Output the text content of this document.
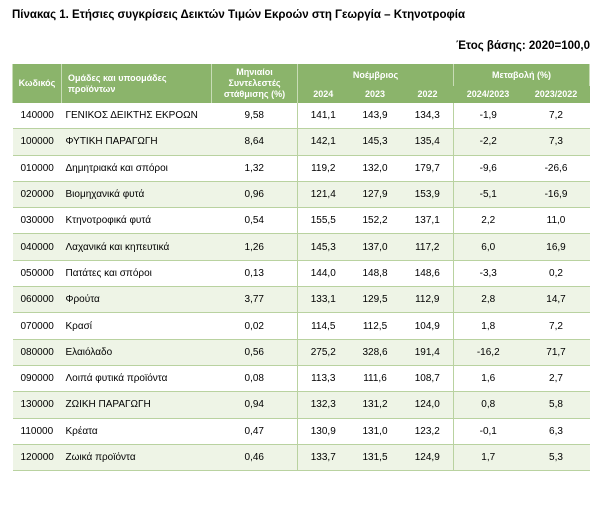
Πίνακας 1. Ετήσιες συγκρίσεις Δεικτών Τιμών Εκροών στη Γεωργία – Κτηνοτροφία
Έτος βάσης: 2020=100,0
Κωδικός	Ομάδες και υποομάδες προϊόντων	Μηνιαίοι Συντελεστές στάθμισης (%)	Νοέμβριος			Μεταβολή (%)	
			2024	2023	2022	2024/2023	2023/2022
140000	ΓΕΝΙΚΟΣ ΔΕΙΚΤΗΣ ΕΚΡΟΩΝ	9,58	141,1	143,9	134,3	-1,9	7,2
100000	ΦΥΤΙΚΗ ΠΑΡΑΓΩΓΗ	8,64	142,1	145,3	135,4	-2,2	7,3
010000	Δημητριακά και σπόροι	1,32	119,2	132,0	179,7	-9,6	-26,6
020000	Βιομηχανικά φυτά	0,96	121,4	127,9	153,9	-5,1	-16,9
030000	Κτηνοτροφικά φυτά	0,54	155,5	152,2	137,1	2,2	11,0
040000	Λαχανικά και κηπευτικά	1,26	145,3	137,0	117,2	6,0	16,9
050000	Πατάτες και σπόροι	0,13	144,0	148,8	148,6	-3,3	0,2
060000	Φρούτα	3,77	133,1	129,5	112,9	2,8	14,7
070000	Κρασί	0,02	114,5	112,5	104,9	1,8	7,2
080000	Ελαιόλαδο	0,56	275,2	328,6	191,4	-16,2	71,7
090000	Λοιπά φυτικά προϊόντα	0,08	113,3	111,6	108,7	1,6	2,7
130000	ΖΩΙΚΗ ΠΑΡΑΓΩΓΗ	0,94	132,3	131,2	124,0	0,8	5,8
110000	Κρέατα	0,47	130,9	131,0	123,2	-0,1	6,3
120000	Ζωικά προϊόντα	0,46	133,7	131,5	124,9	1,7	5,3
